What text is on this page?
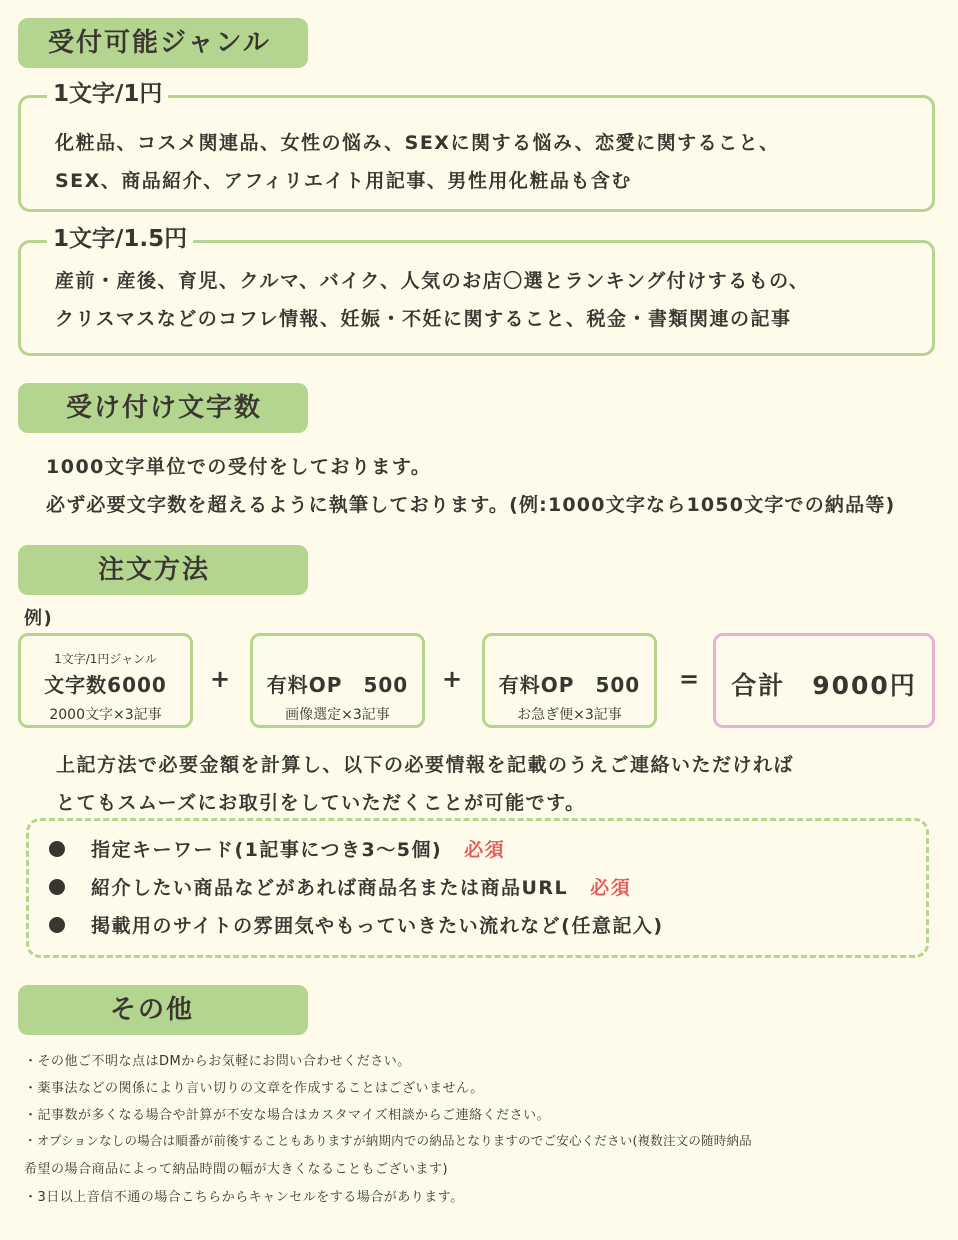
受付可能ジャンル
1文字/1円
化粧品、コスメ関連品、女性の悩み、SEXに関する悩み、恋愛に関すること、
SEX、商品紹介、アフィリエイト用記事、男性用化粧品も含む
1文字/1.5円
産前・産後、育児、クルマ、バイク、人気のお店〇選とランキング付けするもの、
クリスマスなどのコフレ情報、妊娠・不妊に関すること、税金・書類関連の記事
受け付け文字数
1000文字単位での受付をしております。
必ず必要文字数を超えるように執筆しております。(例:1000文字なら1050文字での納品等)
注文方法
例)
1文字/1円ジャンル
文字数6000
2000文字×3記事
+	有料OP　500
画像選定×3記事
+	有料OP　500
お急ぎ便×3記事
=	合計　9000円
上記方法で必要金額を計算し、以下の必要情報を記載のうえご連絡いただければ
とてもスムーズにお取引をしていただくことが可能です。
指定キーワード(1記事につき3〜5個) 必須
紹介したい商品などがあれば商品名または商品URL 必須
掲載用のサイトの雰囲気やもっていきたい流れなど(任意記入)
その他
・その他ご不明な点はDMからお気軽にお問い合わせください。
・薬事法などの関係により言い切りの文章を作成することはございません。
・記事数が多くなる場合や計算が不安な場合はカスタマイズ相談からご連絡ください。
・オプションなしの場合は順番が前後することもありますが納期内での納品となりますのでご安心ください(複数注文の随時納品
希望の場合商品によって納品時間の幅が大きくなることもございます)
・3日以上音信不通の場合こちらからキャンセルをする場合があります。
